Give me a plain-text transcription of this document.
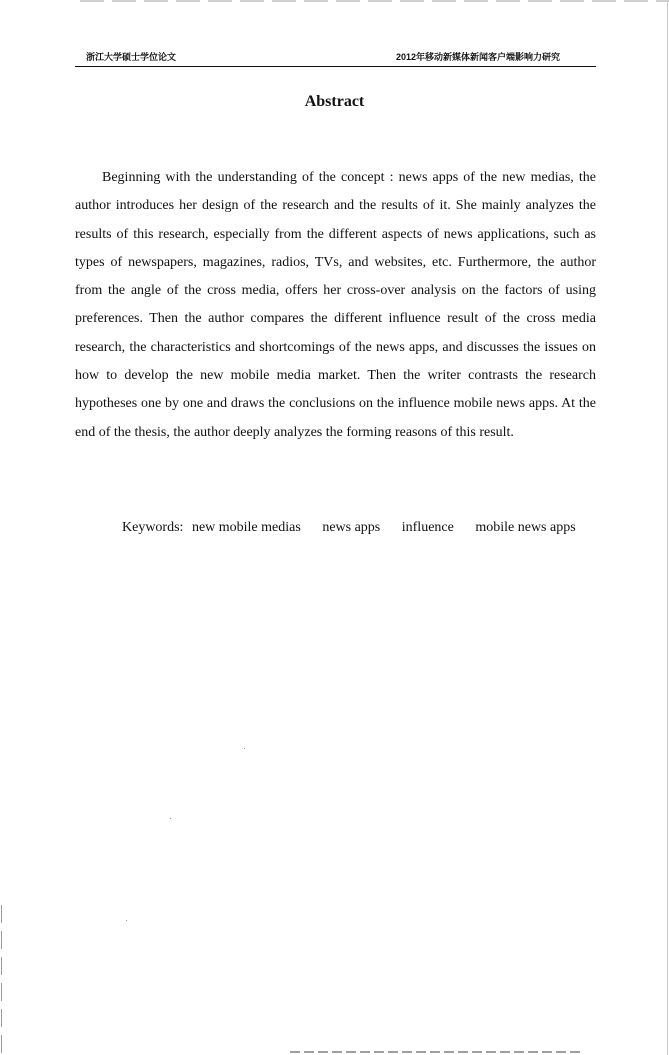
浙江大学硕士学位论文	2012年移动新媒体新闻客户端影响力研究
Abstract

Beginning with the understanding of the concept : news apps of the new medias, the author introduces her design of the research and the results of it. She mainly analyzes the results of this research, especially from the different aspects of news applications, such as types of newspapers, magazines, radios, TVs, and websites, etc. Furthermore, the author from the angle of the cross media, offers her cross-over analysis on the factors of using preferences. Then the author compares the different influence result of the cross media research, the characteristics and shortcomings of the news apps, and discusses the issues on how to develop the new mobile media market. Then the writer contrasts the research hypotheses one by one and draws the conclusions on the influence mobile news apps. At the end of the thesis, the author deeply analyzes the forming reasons of this result.

Keywords: new mobile medias news apps influence mobile news apps
